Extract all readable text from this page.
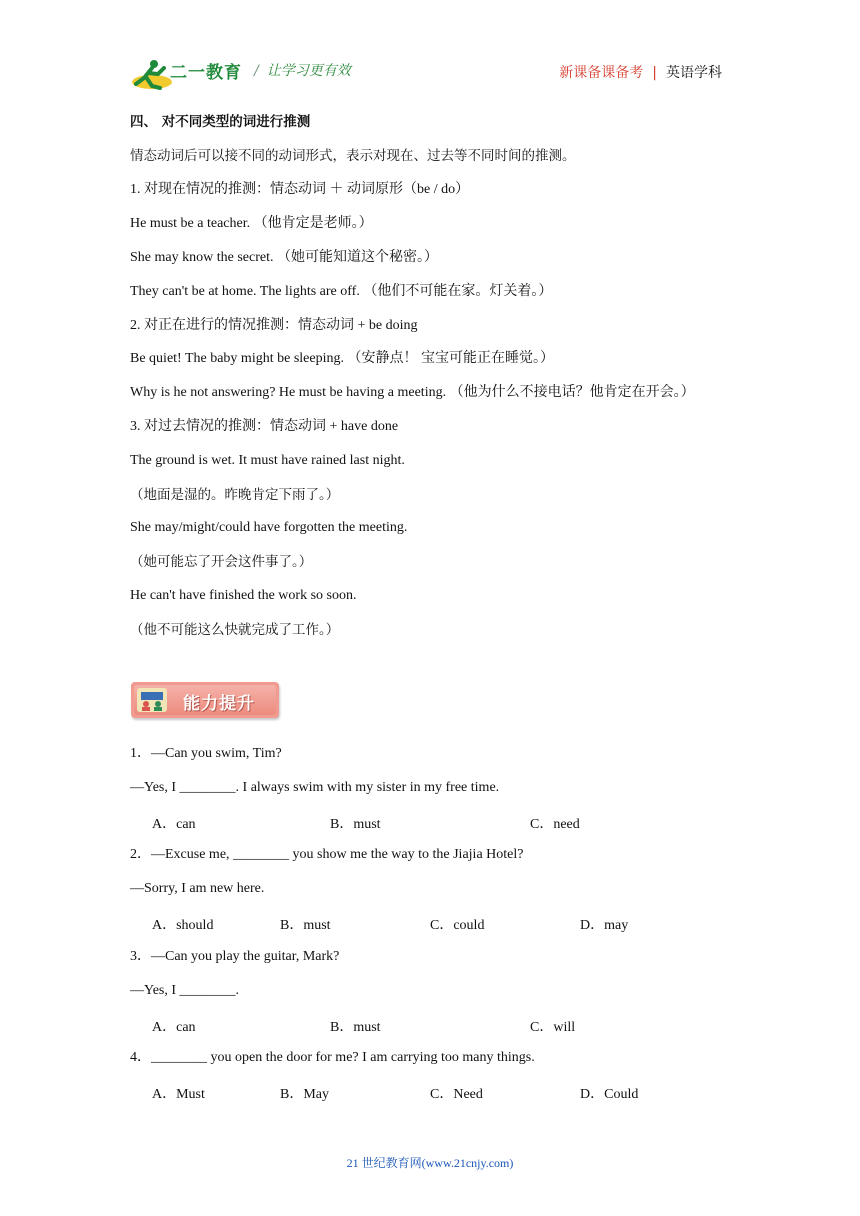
二一教育 / 让学习更有效	新课备课备考 | 英语学科
四、 对不同类型的词进行推测
情态动词后可以接不同的动词形式，表示对现在、过去等不同时间的推测。
1. 对现在情况的推测：情态动词 ＋ 动词原形（be / do）
He must be a teacher. （他肯定是老师。）
She may know the secret. （她可能知道这个秘密。）
They can't be at home. The lights are off. （他们不可能在家。灯关着。）
2. 对正在进行的情况推测：情态动词 + be doing
Be quiet! The baby might be sleeping. （安静点！ 宝宝可能正在睡觉。）
Why is he not answering? He must be having a meeting. （他为什么不接电话？他肯定在开会。）
3. 对过去情况的推测：情态动词 + have done
The ground is wet. It must have rained last night.
（地面是湿的。昨晚肯定下雨了。）
She may/might/could have forgotten the meeting.
（她可能忘了开会这件事了。）
He can't have finished the work so soon.
（他不可能这么快就完成了工作。）
能力提升
1．—Can you swim, Tim?
—Yes, I ________. I always swim with my sister in my free time.
A．can	B．must	C．need
2．—Excuse me, ________ you show me the way to the Jiajia Hotel?
—Sorry, I am new here.
A．should	B．must	C．could	D．may
3．—Can you play the guitar, Mark?
—Yes, I ________.
A．can	B．must	C．will
4．________ you open the door for me? I am carrying too many things.
A．Must	B．May	C．Need	D．Could
21 世纪教育网(www.21cnjy.com)
